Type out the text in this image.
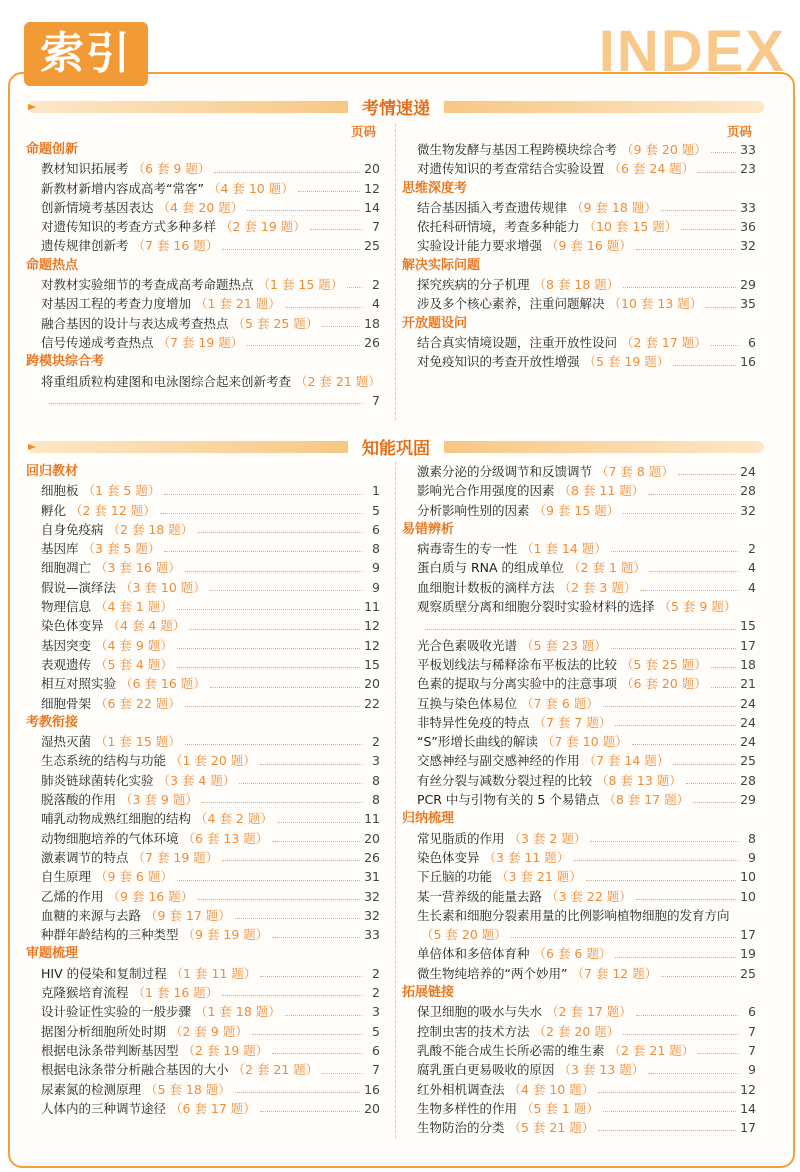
索引	INDEX
考情速递
页码
命题创新
教材知识拓展考 （6 套 9 题）	20
新教材新增内容成高考“常客” （4 套 10 题）	12
创新情境考基因表达 （4 套 20 题）	14
对遗传知识的考查方式多种多样 （2 套 19 题）	7
遗传规律创新考 （7 套 16 题）	25
命题热点
对教材实验细节的考查成高考命题热点 （1 套 15 题）	2
对基因工程的考查力度增加 （1 套 21 题）	4
融合基因的设计与表达成考查热点 （5 套 25 题）	18
信号传递成考查热点 （7 套 19 题）	26
跨模块综合考
将重组质粒构建图和电泳图综合起来创新考查 （2 套 21 题）
7
页码
微生物发酵与基因工程跨模块综合考 （9 套 20 题）	33
对遗传知识的考查常结合实验设置 （6 套 24 题）	23
思维深度考
结合基因插入考查遗传规律 （9 套 18 题）	33
依托科研情境，考查多种能力 （10 套 15 题）	36
实验设计能力要求增强 （9 套 16 题）	32
解决实际问题
探究疾病的分子机理 （8 套 18 题）	29
涉及多个核心素养，注重问题解决 （10 套 13 题）	35
开放题设问
结合真实情境设题，注重开放性设问 （2 套 17 题）	6
对免疫知识的考查开放性增强 （5 套 19 题）	16
知能巩固
回归教材
细胞板 （1 套 5 题）	1
孵化 （2 套 12 题）	5
自身免疫病 （2 套 18 题）	6
基因库 （3 套 5 题）	8
细胞凋亡 （3 套 16 题）	9
假说—演绎法 （3 套 10 题）	9
物理信息 （4 套 1 题）	11
染色体变异 （4 套 4 题）	12
基因突变 （4 套 9 题）	12
表观遗传 （5 套 4 题）	15
相互对照实验 （6 套 16 题）	20
细胞骨架 （6 套 22 题）	22
考教衔接
湿热灭菌 （1 套 15 题）	2
生态系统的结构与功能 （1 套 20 题）	3
肺炎链球菌转化实验 （3 套 4 题）	8
脱落酸的作用 （3 套 9 题）	8
哺乳动物成熟红细胞的结构 （4 套 2 题）	11
动物细胞培养的气体环境 （6 套 13 题）	20
激素调节的特点 （7 套 19 题）	26
自生原理 （9 套 6 题）	31
乙烯的作用 （9 套 16 题）	32
血糖的来源与去路 （9 套 17 题）	32
种群年龄结构的三种类型 （9 套 19 题）	33
审题梳理
HIV 的侵染和复制过程 （1 套 11 题）	2
克隆猴培育流程 （1 套 16 题）	2
设计验证性实验的一般步骤 （1 套 18 题）	3
据图分析细胞所处时期 （2 套 9 题）	5
根据电泳条带判断基因型 （2 套 19 题）	6
根据电泳条带分析融合基因的大小 （2 套 21 题）	7
尿素氮的检测原理 （5 套 18 题）	16
人体内的三种调节途径 （6 套 17 题）	20
激素分泌的分级调节和反馈调节 （7 套 8 题）	24
影响光合作用强度的因素 （8 套 11 题）	28
分析影响性别的因素 （9 套 15 题）	32
易错辨析
病毒寄生的专一性 （1 套 14 题）	2
蛋白质与 RNA 的组成单位 （2 套 1 题）	4
血细胞计数板的滴样方法 （2 套 3 题）	4
观察质壁分离和细胞分裂时实验材料的选择 （5 套 9 题）
15
光合色素吸收光谱 （5 套 23 题）	17
平板划线法与稀释涂布平板法的比较 （5 套 25 题）	18
色素的提取与分离实验中的注意事项 （6 套 20 题）	21
互换与染色体易位 （7 套 6 题）	24
非特异性免疫的特点 （7 套 7 题）	24
“S”形增长曲线的解读 （7 套 10 题）	24
交感神经与副交感神经的作用 （7 套 14 题）	25
有丝分裂与减数分裂过程的比较 （8 套 13 题）	28
PCR 中与引物有关的 5 个易错点 （8 套 17 题）	29
归纳梳理
常见脂质的作用 （3 套 2 题）	8
染色体变异 （3 套 11 题）	9
下丘脑的功能 （3 套 21 题）	10
某一营养级的能量去路 （3 套 22 题）	10
生长素和细胞分裂素用量的比例影响植物细胞的发育方向
（5 套 20 题）	17
单倍体和多倍体育种 （6 套 6 题）	19
微生物纯培养的“两个妙用” （7 套 12 题）	25
拓展链接
保卫细胞的吸水与失水 （2 套 17 题）	6
控制虫害的技术方法 （2 套 20 题）	7
乳酸不能合成生长所必需的维生素 （2 套 21 题）	7
腐乳蛋白更易吸收的原因 （3 套 13 题）	9
红外相机调查法 （4 套 10 题）	12
生物多样性的作用 （5 套 1 题）	14
生物防治的分类 （5 套 21 题）	17
